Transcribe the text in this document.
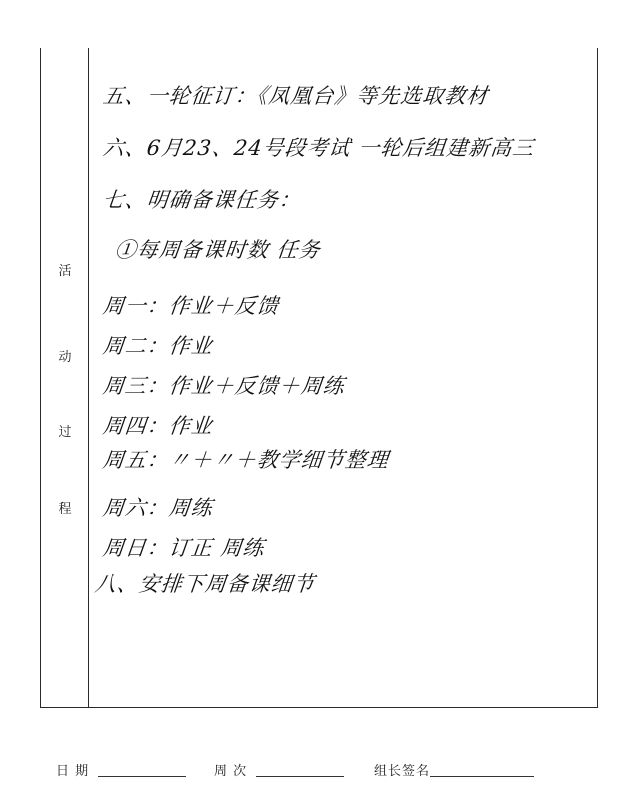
活
动
过
程
五、一轮征订：《凤凰台》等先选取教材
六、6月23、24号段考试 一轮后组建新高三
七、明确备课任务：
①每周备课时数 任务
周一：作业＋反馈
周二：作业
周三：作业＋反馈＋周练
周四：作业
周五：〃＋〃＋教学细节整理
周六：周练
周日：订正 周练
八、安排下周备课细节
日 期	周 次	组长签名
